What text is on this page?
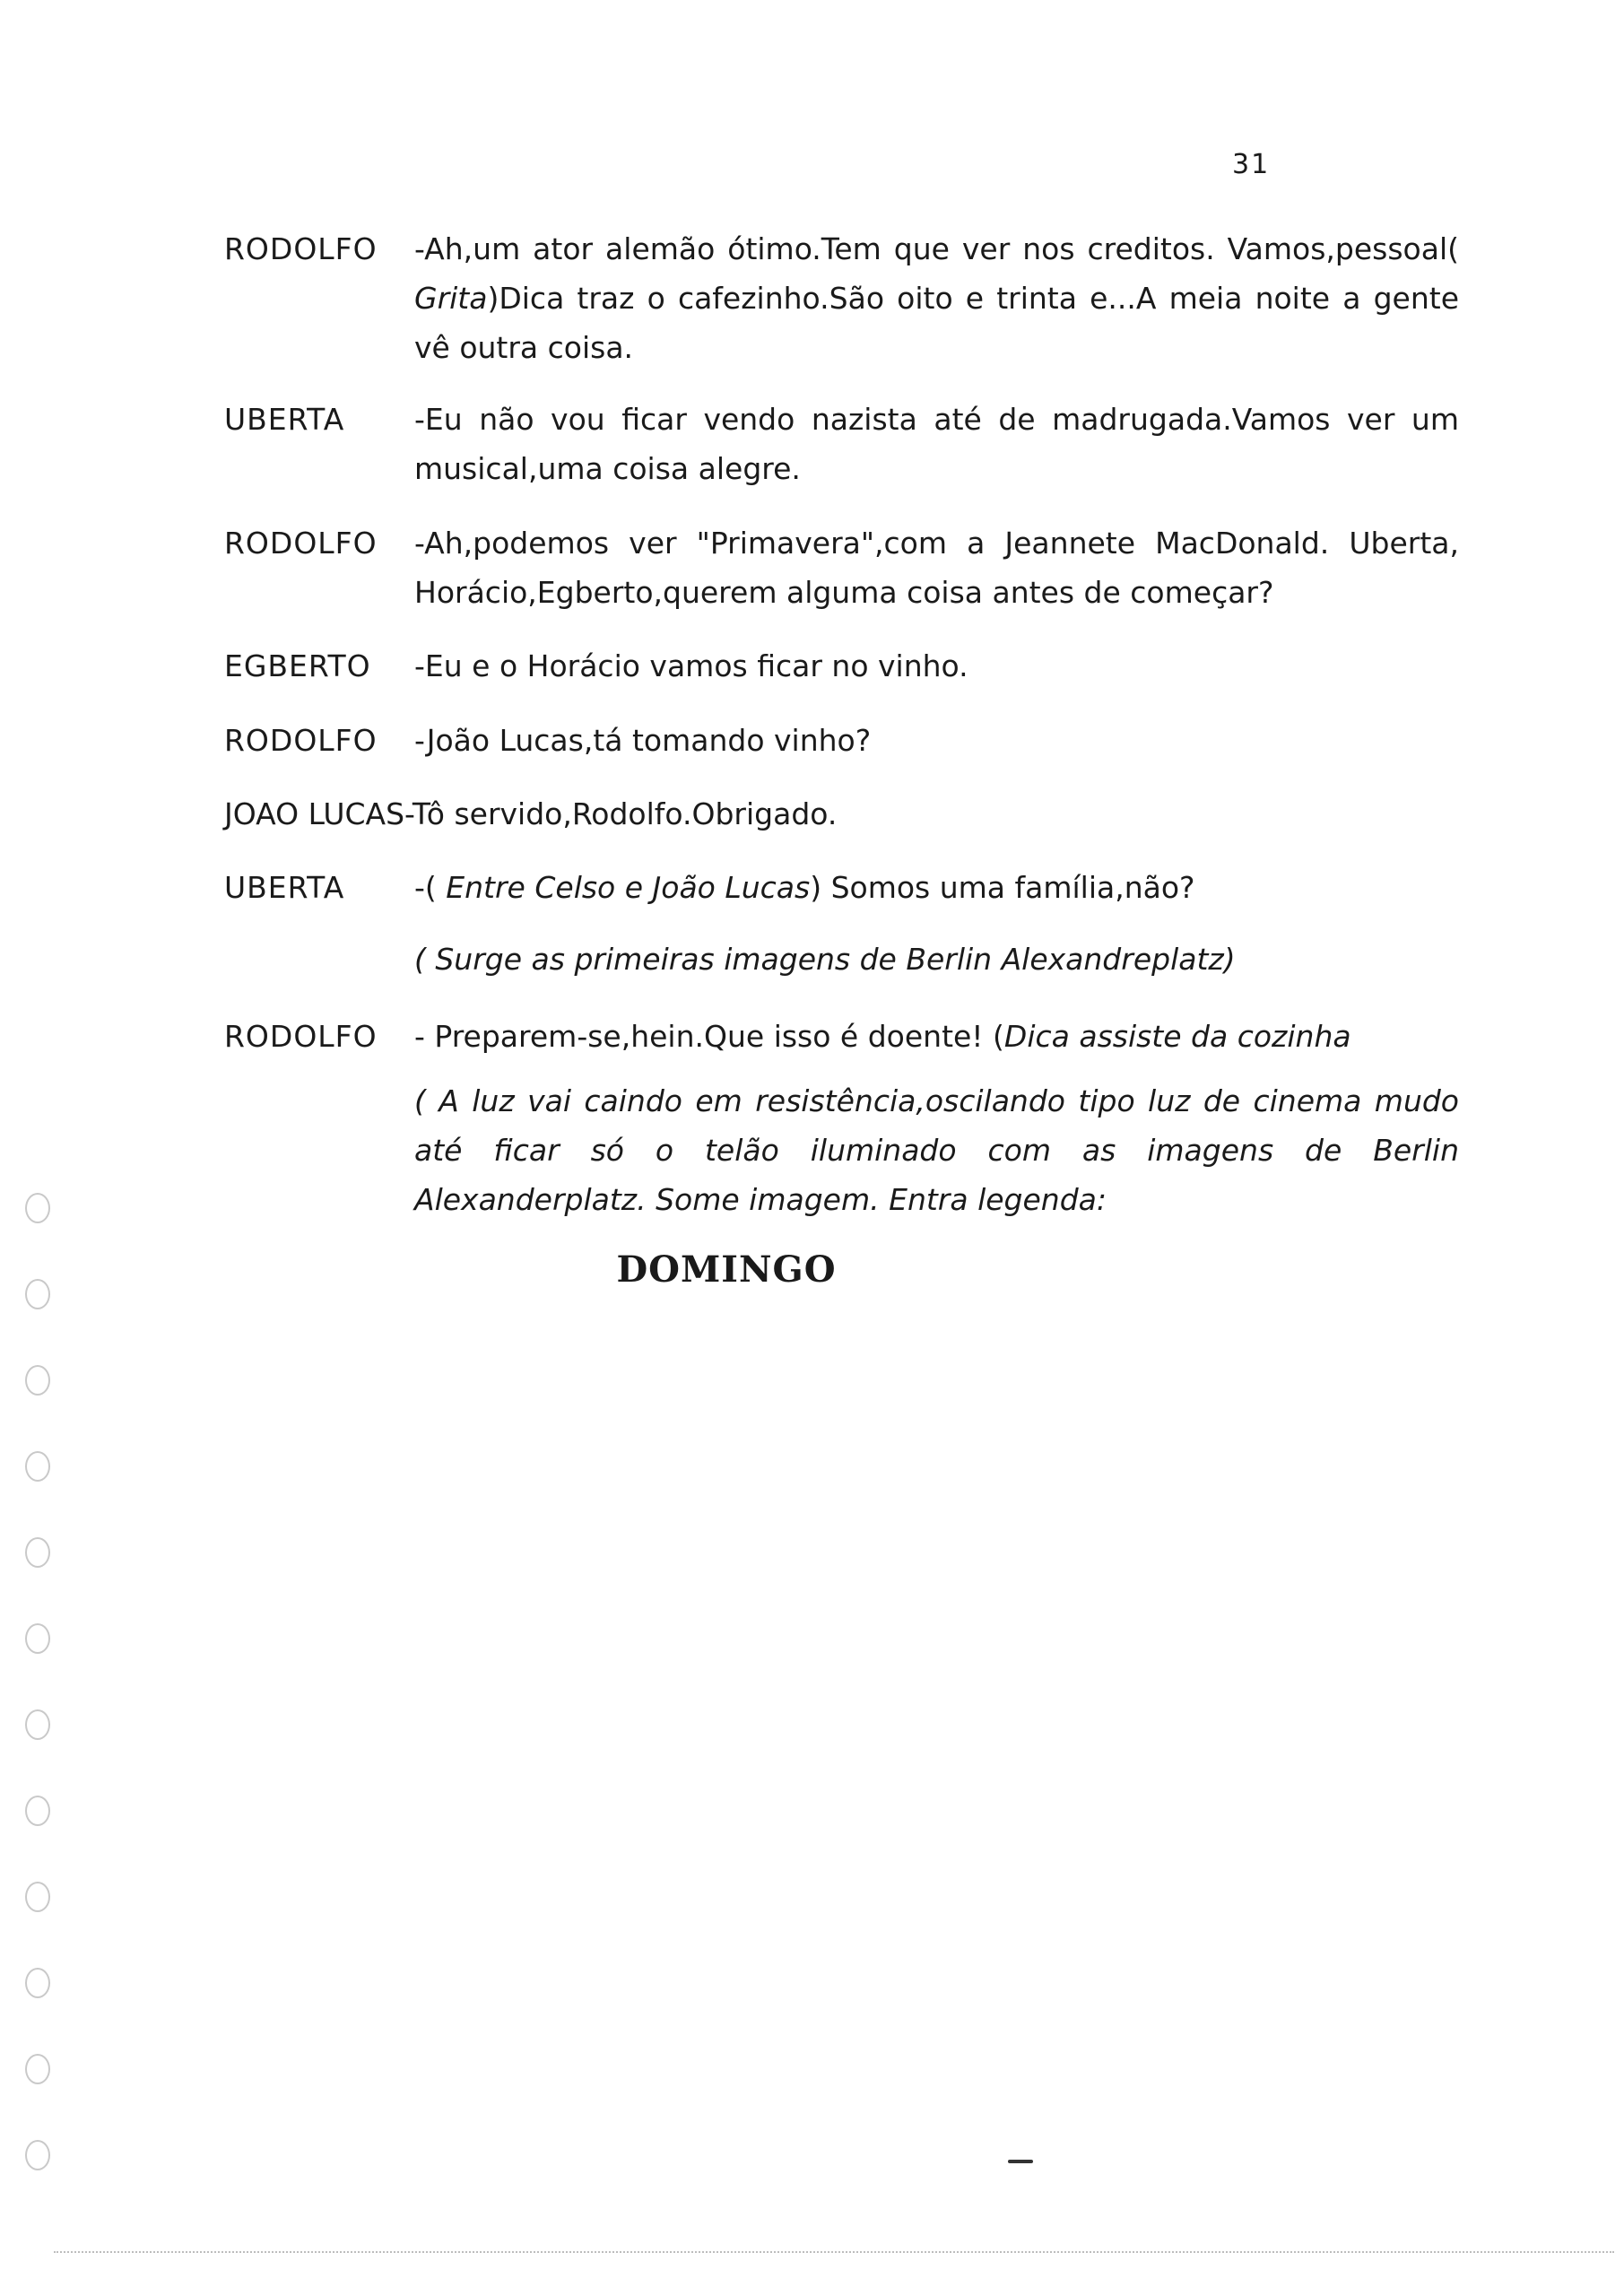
31
RODOLFO	-Ah,um ator alemão ótimo.Tem que ver nos creditos. Vamos,pessoal( Grita)Dica traz o cafezinho.São oito e trinta e...A meia noite a gente vê outra coisa.
UBERTA	-Eu não vou ficar vendo nazista até de madrugada.Vamos ver um musical,uma coisa alegre.
RODOLFO	-Ah,podemos ver "Primavera",com a Jeannete MacDonald. Uberta, Horácio,Egberto,querem alguma coisa antes de começar?
EGBERTO	-Eu e o Horácio vamos ficar no vinho.
RODOLFO	-João Lucas,tá tomando vinho?
JOAO LUCAS-Tô servido,Rodolfo.Obrigado.
UBERTA	-( Entre Celso e João Lucas) Somos uma família,não?
( Surge as primeiras imagens de Berlin Alexandreplatz)
RODOLFO	- Preparem-se,hein.Que isso é doente! (Dica assiste da cozinha
( A luz vai caindo em resistência,oscilando tipo luz de cinema mudo até ficar só o telão iluminado com as imagens de Berlin Alexanderplatz. Some imagem. Entra legenda:
DOMINGO
